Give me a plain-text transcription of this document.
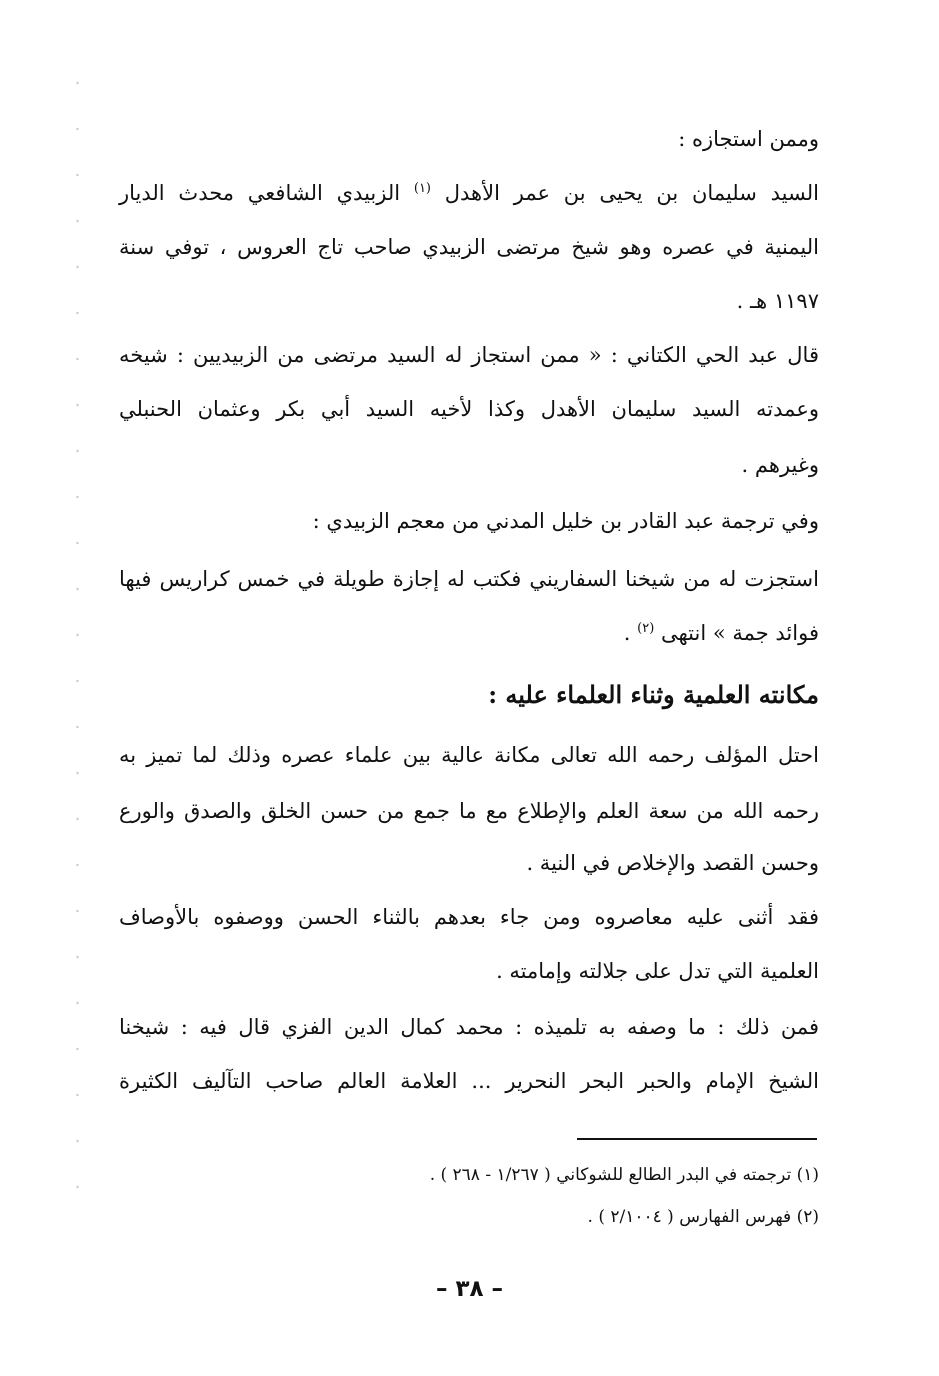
وممن استجازه :
السيد سليمان بن يحيى بن عمر الأهدل $^{(١)}$ الزبيدي الشافعي محدث الديار
اليمنية في عصره وهو شيخ مرتضى الزبيدي صاحب تاج العروس ، توفي سنة
١١٩٧ هـ .
قال عبد الحي الكتاني : « ممن استجاز له السيد مرتضى من الزبيديين : شيخه
وعمدته السيد سليمان الأهدل وكذا لأخيه السيد أبي بكر وعثمان الحنبلي
وغيرهم .
وفي ترجمة عبد القادر بن خليل المدني من معجم الزبيدي :
استجزت له من شيخنا السفاريني فكتب له إجازة طويلة في خمس كراريس فيها
فوائد جمة » انتهى $^{(٢)}$ .
مكانته العلمية وثناء العلماء عليه :
احتل المؤلف رحمه الله تعالى مكانة عالية بين علماء عصره وذلك لما تميز به
رحمه الله من سعة العلم والإطلاع مع ما جمع من حسن الخلق والصدق والورع
وحسن القصد والإخلاص في النية .
فقد أثنى عليه معاصروه ومن جاء بعدهم بالثناء الحسن ووصفوه بالأوصاف
العلمية التي تدل على جلالته وإمامته .
فمن ذلك : ما وصفه به تلميذه : محمد كمال الدين الفزي قال فيه : شيخنا
الشيخ الإمام والحبر البحر النحرير ... العلامة العالم صاحب التآليف الكثيرة
(١) ترجمته في البدر الطالع للشوكاني ( ١/٢٦٧ - ٢٦٨ ) .
(٢) فهرس الفهارس ( ٢/١٠٠٤ ) .
– ٣٨ –
